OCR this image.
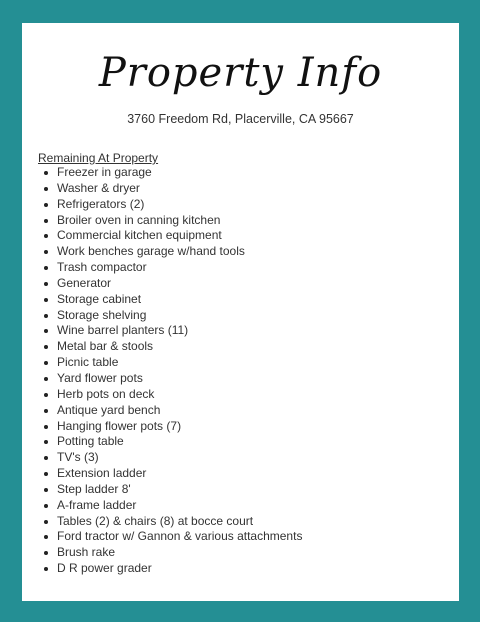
Property Info
3760 Freedom Rd, Placerville, CA 95667
Remaining At Property
Freezer in garage
Washer & dryer
Refrigerators (2)
Broiler oven in canning kitchen
Commercial kitchen equipment
Work benches garage w/hand tools
Trash compactor
Generator
Storage cabinet
Storage shelving
Wine barrel planters (11)
Metal bar & stools
Picnic table
Yard flower pots
Herb pots on deck
Antique yard bench
Hanging flower pots (7)
Potting table
TV's (3)
Extension ladder
Step ladder 8'
A-frame ladder
Tables (2) & chairs (8) at bocce court
Ford tractor w/ Gannon & various attachments
Brush rake
D R power grader
